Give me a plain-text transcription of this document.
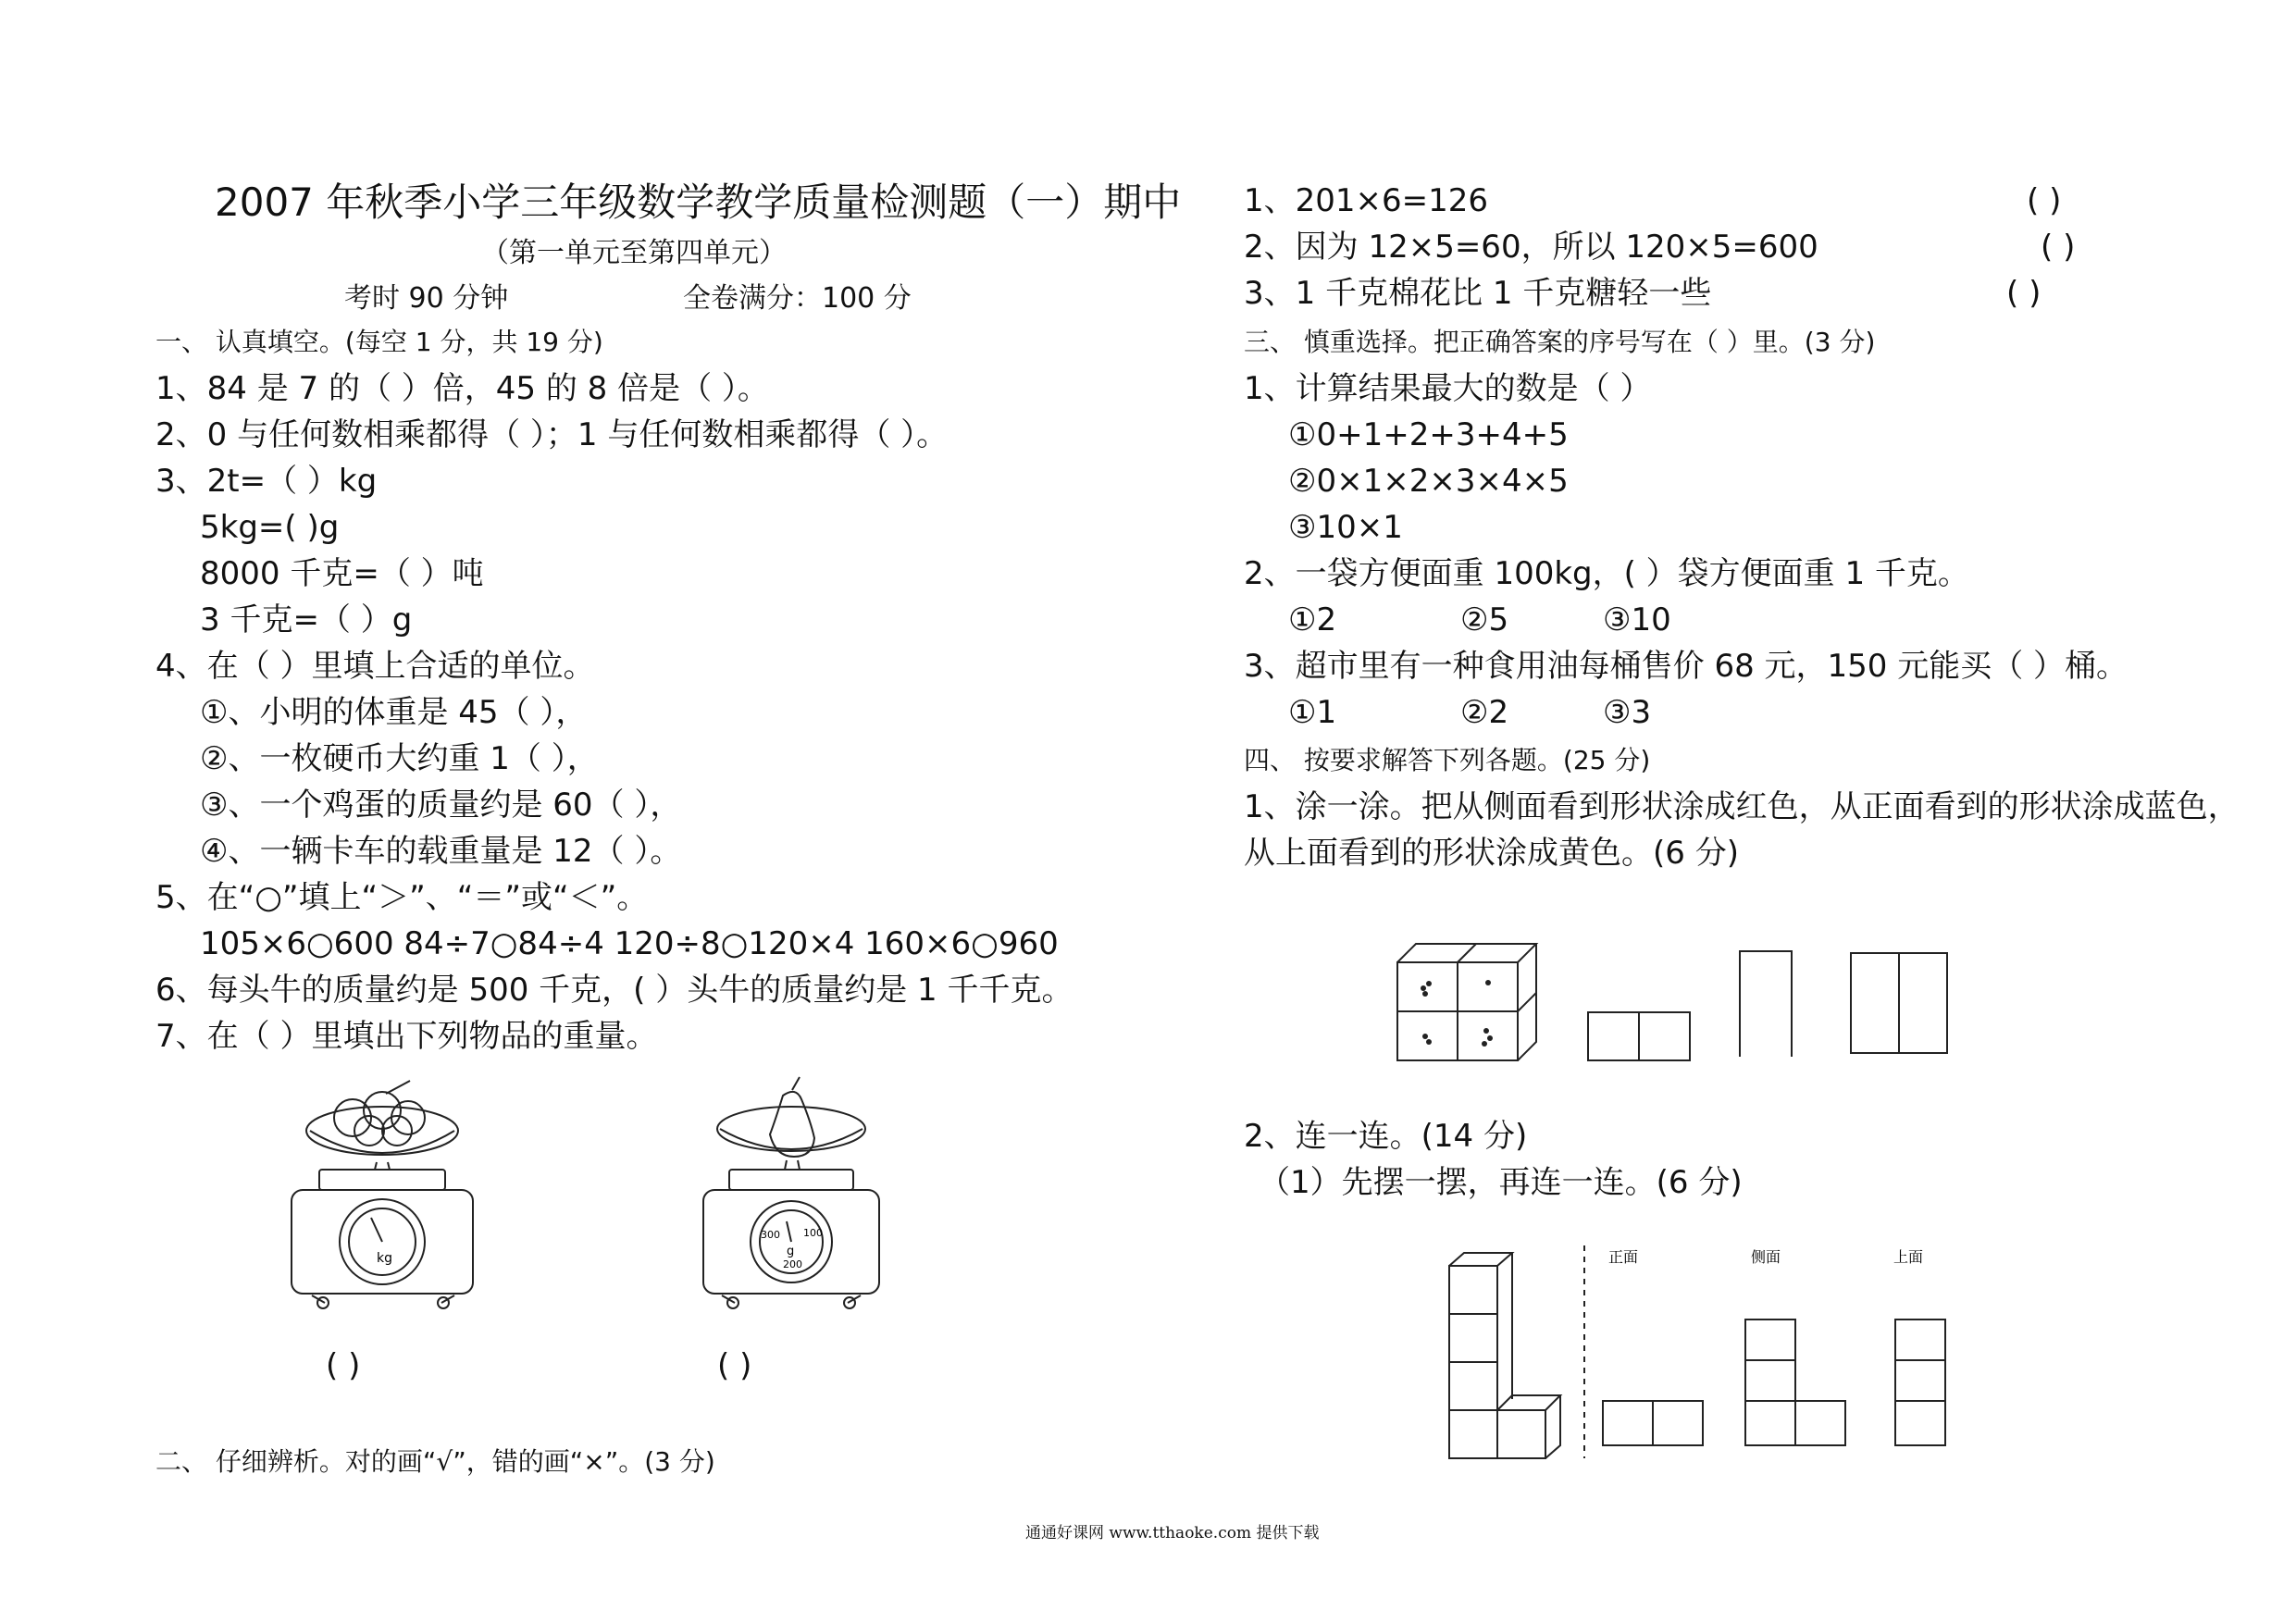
2007 年秋季小学三年级数学教学质量检测题（一）期中
（第一单元至第四单元）
考时 90 分钟	全卷满分：100 分
一、 认真填空。(每空 1 分，共 19 分)
1、84 是 7 的（ ）倍，45 的 8 倍是（ ）。
2、0 与任何数相乘都得（ ）；1 与任何数相乘都得（ ）。
3、2t=（ ）kg
5kg=( )g
8000 千克=（ ）吨
3 千克=（ ）g
4、在（ ）里填上合适的单位。
①、小明的体重是 45（ ），
②、一枚硬币大约重 1（ ），
③、一个鸡蛋的质量约是 60（ ），
④、一辆卡车的载重量是 12（ ）。
5、在“○”填上“＞”、“＝”或“＜”。
105×6○600 84÷7○84÷4 120÷8○120×4 160×6○960
6、每头牛的质量约是 500 千克，( ）头牛的质量约是 1 千千克。
7、在（ ）里填出下列物品的重量。
kg
300 100
g
200
( )	( )
二、 仔细辨析。对的画“√”，错的画“×”。(3 分)
1、201×6=126	( )
2、因为 12×5=60，所以 120×5=600	( )
3、1 千克棉花比 1 千克糖轻一些	( )
三、 慎重选择。把正确答案的序号写在（ ）里。(3 分)
1、计算结果最大的数是（ ）
①0+1+2+3+4+5
②0×1×2×3×4×5
③10×1
2、一袋方便面重 100kg，( ）袋方便面重 1 千克。
①2	②5	③10
3、超市里有一种食用油每桶售价 68 元，150 元能买（ ）桶。
①1	②2	③3
四、 按要求解答下列各题。(25 分)
1、涂一涂。把从侧面看到形状涂成红色，从正面看到的形状涂成蓝色，
从上面看到的形状涂成黄色。(6 分)
2、连一连。(14 分)
（1）先摆一摆，再连一连。(6 分)
正面	侧面	上面
通通好课网 www.tthaoke.com 提供下载
